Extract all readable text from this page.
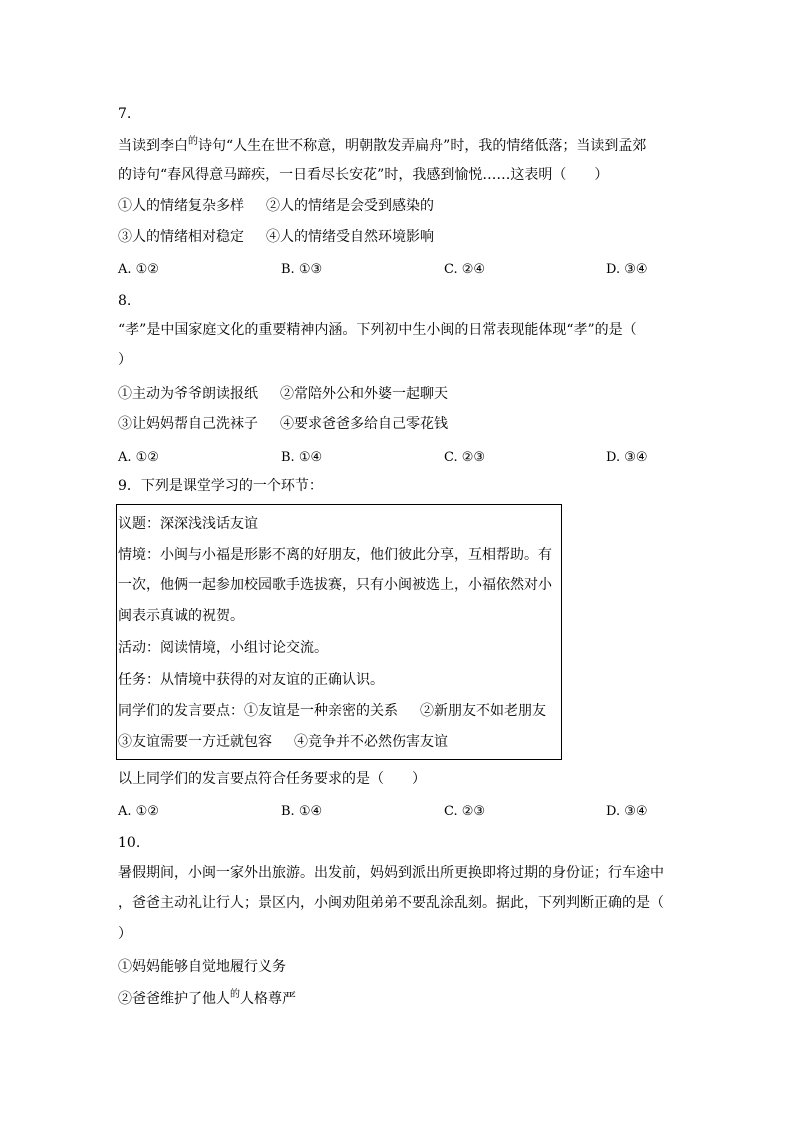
7.
当读到李白$^的$诗句“人生在世不称意，明朝散发弄扁舟”时，我的情绪低落；当读到孟郊
的诗句“春风得意马蹄疾，一日看尽长安花”时，我感到愉悦……这表明（　　）
①人的情绪复杂多样 ②人的情绪是会受到感染的
③人的情绪相对稳定 ④人的情绪受自然环境影响
A. ①②	B. ①③	C. ②④	D. ③④
8.
“孝”是中国家庭文化的重要精神内涵。下列初中生小闽的日常表现能体现“孝”的是（
）
①主动为爷爷朗读报纸 ②常陪外公和外婆一起聊天
③让妈妈帮自己洗袜子 ④要求爸爸多给自己零花钱
A. ①②	B. ①④	C. ②③	D. ③④
9．下列是课堂学习的一个环节：
议题：深深浅浅话友谊
情境：小闽与小福是形影不离的好朋友，他们彼此分享，互相帮助。有
一次，他俩一起参加校园歌手选拔赛，只有小闽被选上，小福依然对小
闽表示真诚的祝贺。
活动：阅读情境，小组讨论交流。
任务：从情境中获得的对友谊的正确认识。
同学们的发言要点：①友谊是一种亲密的关系 ②新朋友不如老朋友
③友谊需要一方迁就包容 ④竞争并不必然伤害友谊
以上同学们的发言要点符合任务要求的是（　　）
A. ①②	B. ①④	C. ②③	D. ③④
10.
暑假期间，小闽一家外出旅游。出发前，妈妈到派出所更换即将过期的身份证；行车途中
，爸爸主动礼让行人；景区内，小闽劝阻弟弟不要乱涂乱刻。据此，下列判断正确的是（
）
①妈妈能够自觉地履行义务
②爸爸维护了他人$^的$人格尊严
